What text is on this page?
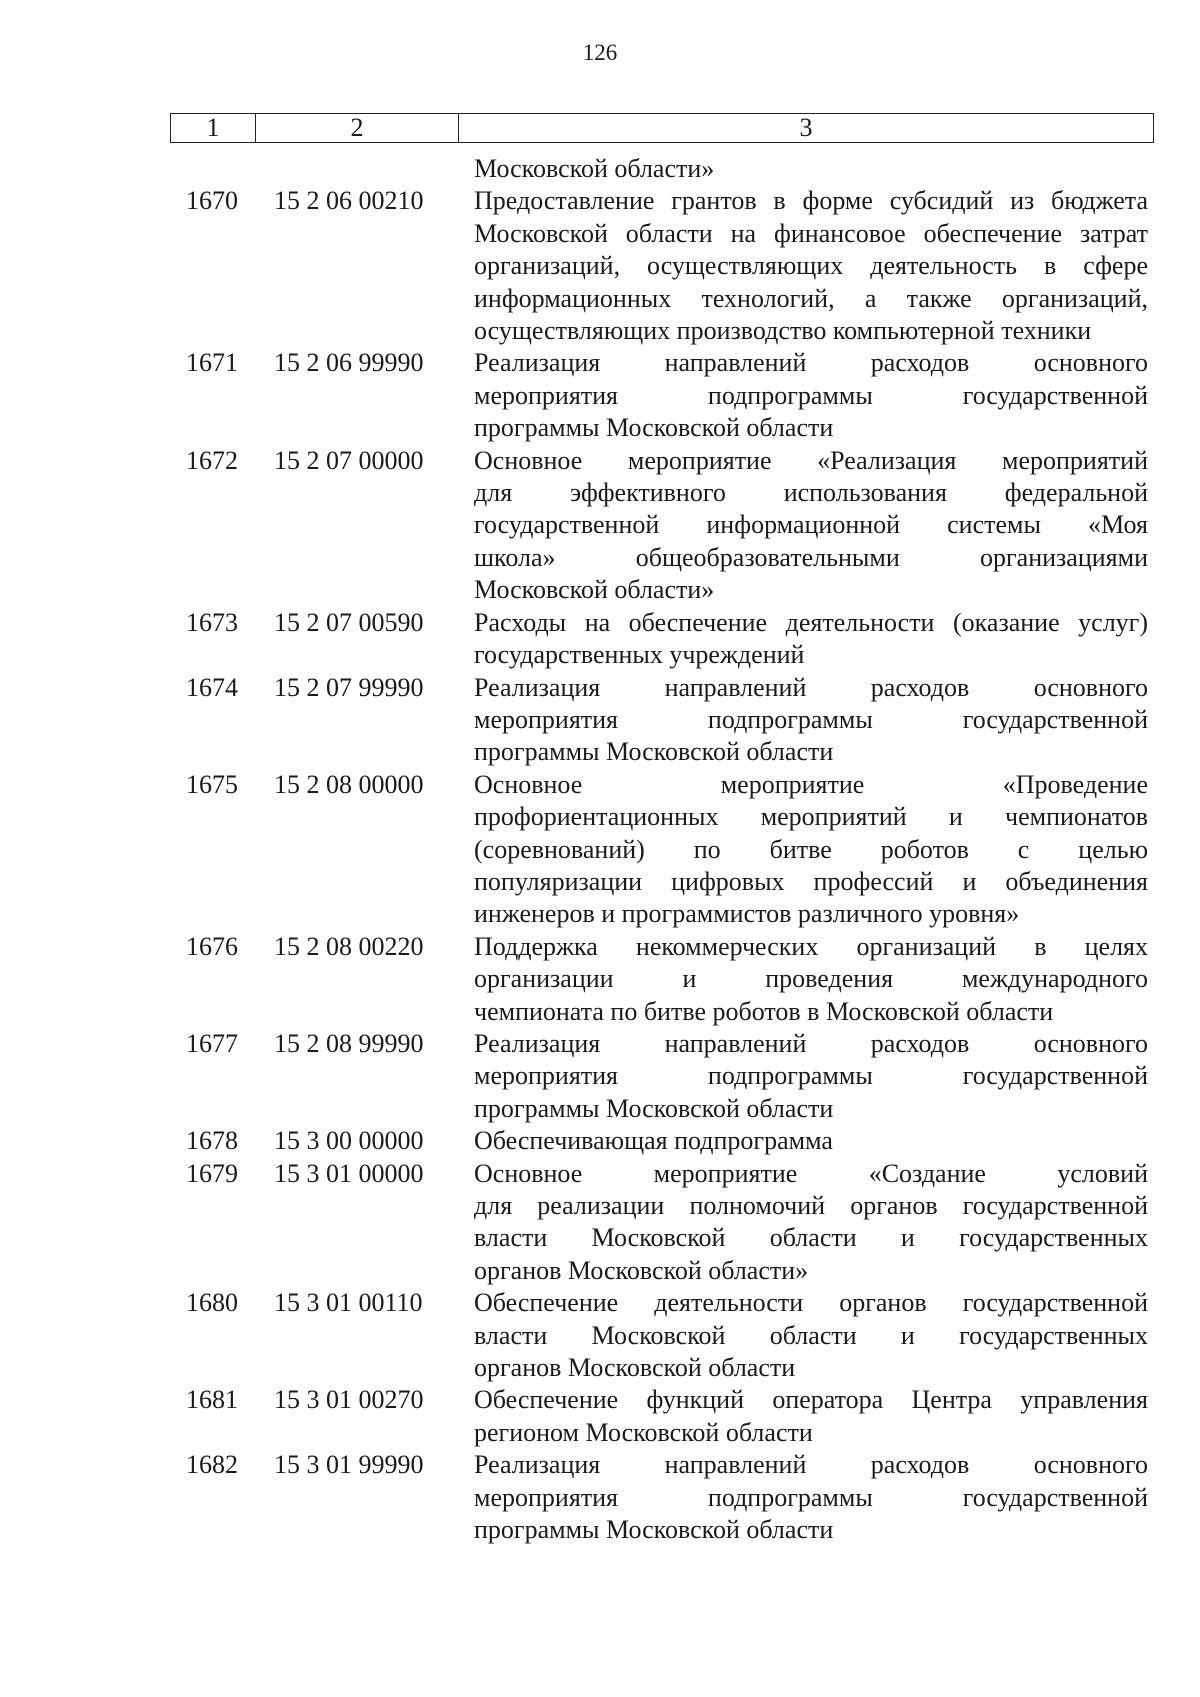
126
1	2	3
Московской области»
1670	15 2 06 00210	Предоставление грантов в форме субсидий из бюджета
Московской области на финансовое обеспечение затрат
организаций, осуществляющих деятельность в сфере
информационных технологий, а также организаций,
осуществляющих производство компьютерной техники
1671	15 2 06 99990	Реализация направлений расходов основного
мероприятия подпрограммы государственной
программы Московской области
1672	15 2 07 00000	Основное мероприятие «Реализация мероприятий
для эффективного использования федеральной
государственной информационной системы «Моя
школа» общеобразовательными организациями
Московской области»
1673	15 2 07 00590	Расходы на обеспечение деятельности (оказание услуг)
государственных учреждений
1674	15 2 07 99990	Реализация направлений расходов основного
мероприятия подпрограммы государственной
программы Московской области
1675	15 2 08 00000	Основное мероприятие «Проведение
профориентационных мероприятий и чемпионатов
(соревнований) по битве роботов с целью
популяризации цифровых профессий и объединения
инженеров и программистов различного уровня»
1676	15 2 08 00220	Поддержка некоммерческих организаций в целях
организации и проведения международного
чемпионата по битве роботов в Московской области
1677	15 2 08 99990	Реализация направлений расходов основного
мероприятия подпрограммы государственной
программы Московской области
1678	15 3 00 00000	Обеспечивающая подпрограмма
1679	15 3 01 00000	Основное мероприятие «Создание условий
для реализации полномочий органов государственной
власти Московской области и государственных
органов Московской области»
1680	15 3 01 00110	Обеспечение деятельности органов государственной
власти Московской области и государственных
органов Московской области
1681	15 3 01 00270	Обеспечение функций оператора Центра управления
регионом Московской области
1682	15 3 01 99990	Реализация направлений расходов основного
мероприятия подпрограммы государственной
программы Московской области
